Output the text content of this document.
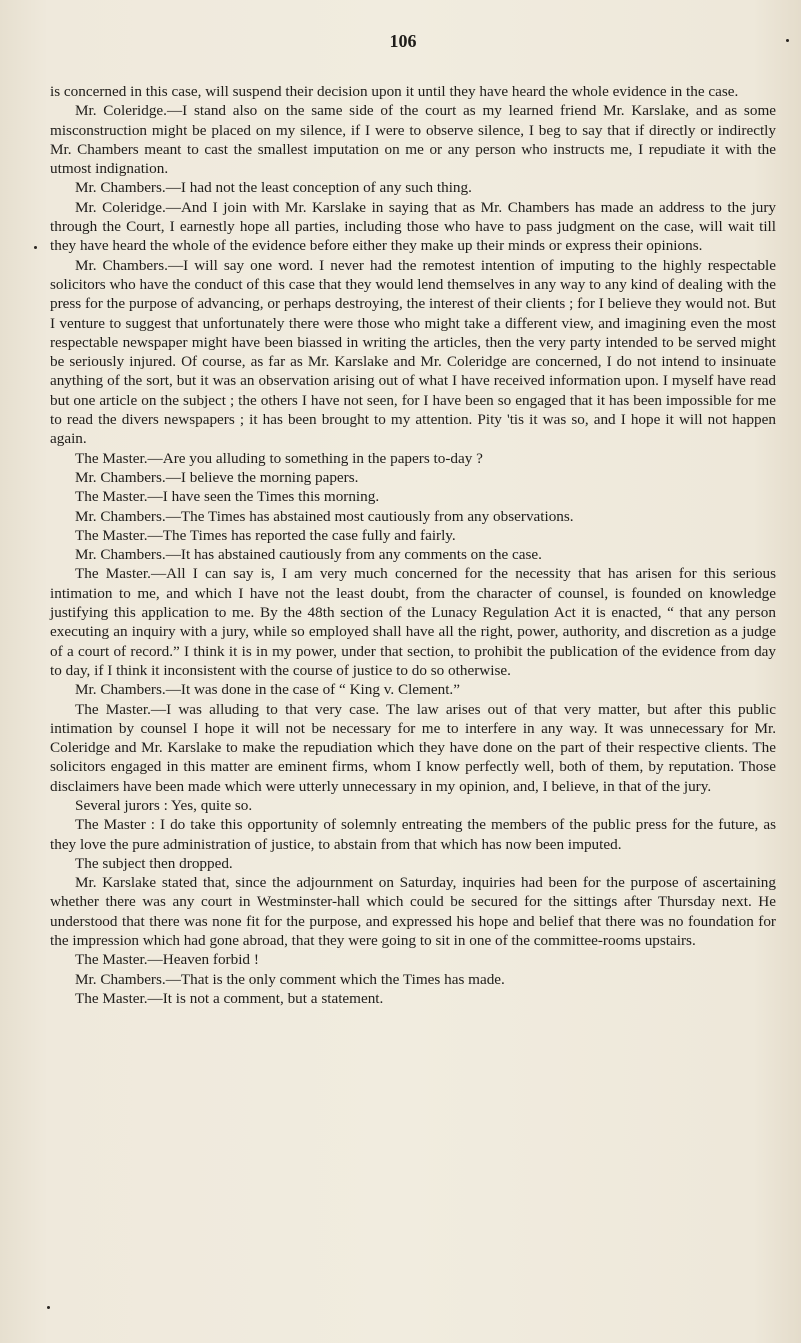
106

is concerned in this case, will suspend their decision upon it until they have heard the whole evidence in the case.

Mr. Coleridge.—I stand also on the same side of the court as my learned friend Mr. Karslake, and as some misconstruction might be placed on my silence, if I were to observe silence, I beg to say that if directly or indirectly Mr. Chambers meant to cast the smallest imputation on me or any person who instructs me, I repudiate it with the utmost indignation.

Mr. Chambers.—I had not the least conception of any such thing.

Mr. Coleridge.—And I join with Mr. Karslake in saying that as Mr. Chambers has made an address to the jury through the Court, I earnestly hope all parties, including those who have to pass judgment on the case, will wait till they have heard the whole of the evidence before either they make up their minds or express their opinions.

Mr. Chambers.—I will say one word. I never had the remotest intention of imputing to the highly respectable solicitors who have the conduct of this case that they would lend themselves in any way to any kind of dealing with the press for the purpose of advancing, or perhaps destroying, the interest of their clients ; for I believe they would not. But I venture to suggest that unfortunately there were those who might take a different view, and imagining even the most respectable newspaper might have been biassed in writing the articles, then the very party intended to be served might be seriously injured. Of course, as far as Mr. Karslake and Mr. Coleridge are concerned, I do not intend to insinuate anything of the sort, but it was an observation arising out of what I have received information upon. I myself have read but one article on the subject ; the others I have not seen, for I have been so engaged that it has been impossible for me to read the divers newspapers ; it has been brought to my attention. Pity 'tis it was so, and I hope it will not happen again.

The Master.—Are you alluding to something in the papers to-day ?

Mr. Chambers.—I believe the morning papers.

The Master.—I have seen the Times this morning.

Mr. Chambers.—The Times has abstained most cautiously from any observations.

The Master.—The Times has reported the case fully and fairly.

Mr. Chambers.—It has abstained cautiously from any comments on the case.

The Master.—All I can say is, I am very much concerned for the necessity that has arisen for this serious intimation to me, and which I have not the least doubt, from the character of counsel, is founded on knowledge justifying this application to me. By the 48th section of the Lunacy Regulation Act it is enacted, “ that any person executing an inquiry with a jury, while so employed shall have all the right, power, authority, and discretion as a judge of a court of record.” I think it is in my power, under that section, to prohibit the publication of the evidence from day to day, if I think it inconsistent with the course of justice to do so otherwise.

Mr. Chambers.—It was done in the case of “ King v. Clement.”

The Master.—I was alluding to that very case. The law arises out of that very matter, but after this public intimation by counsel I hope it will not be necessary for me to interfere in any way. It was unnecessary for Mr. Coleridge and Mr. Karslake to make the repudiation which they have done on the part of their respective clients. The solicitors engaged in this matter are eminent firms, whom I know perfectly well, both of them, by reputation. Those disclaimers have been made which were utterly unnecessary in my opinion, and, I believe, in that of the jury.

Several jurors : Yes, quite so.

The Master : I do take this opportunity of solemnly entreating the members of the public press for the future, as they love the pure administration of justice, to abstain from that which has now been imputed.

The subject then dropped.

Mr. Karslake stated that, since the adjournment on Saturday, inquiries had been for the purpose of ascertaining whether there was any court in Westminster-hall which could be secured for the sittings after Thursday next. He understood that there was none fit for the purpose, and expressed his hope and belief that there was no foundation for the impression which had gone abroad, that they were going to sit in one of the committee-rooms upstairs.

The Master.—Heaven forbid !

Mr. Chambers.—That is the only comment which the Times has made.

The Master.—It is not a comment, but a statement.
